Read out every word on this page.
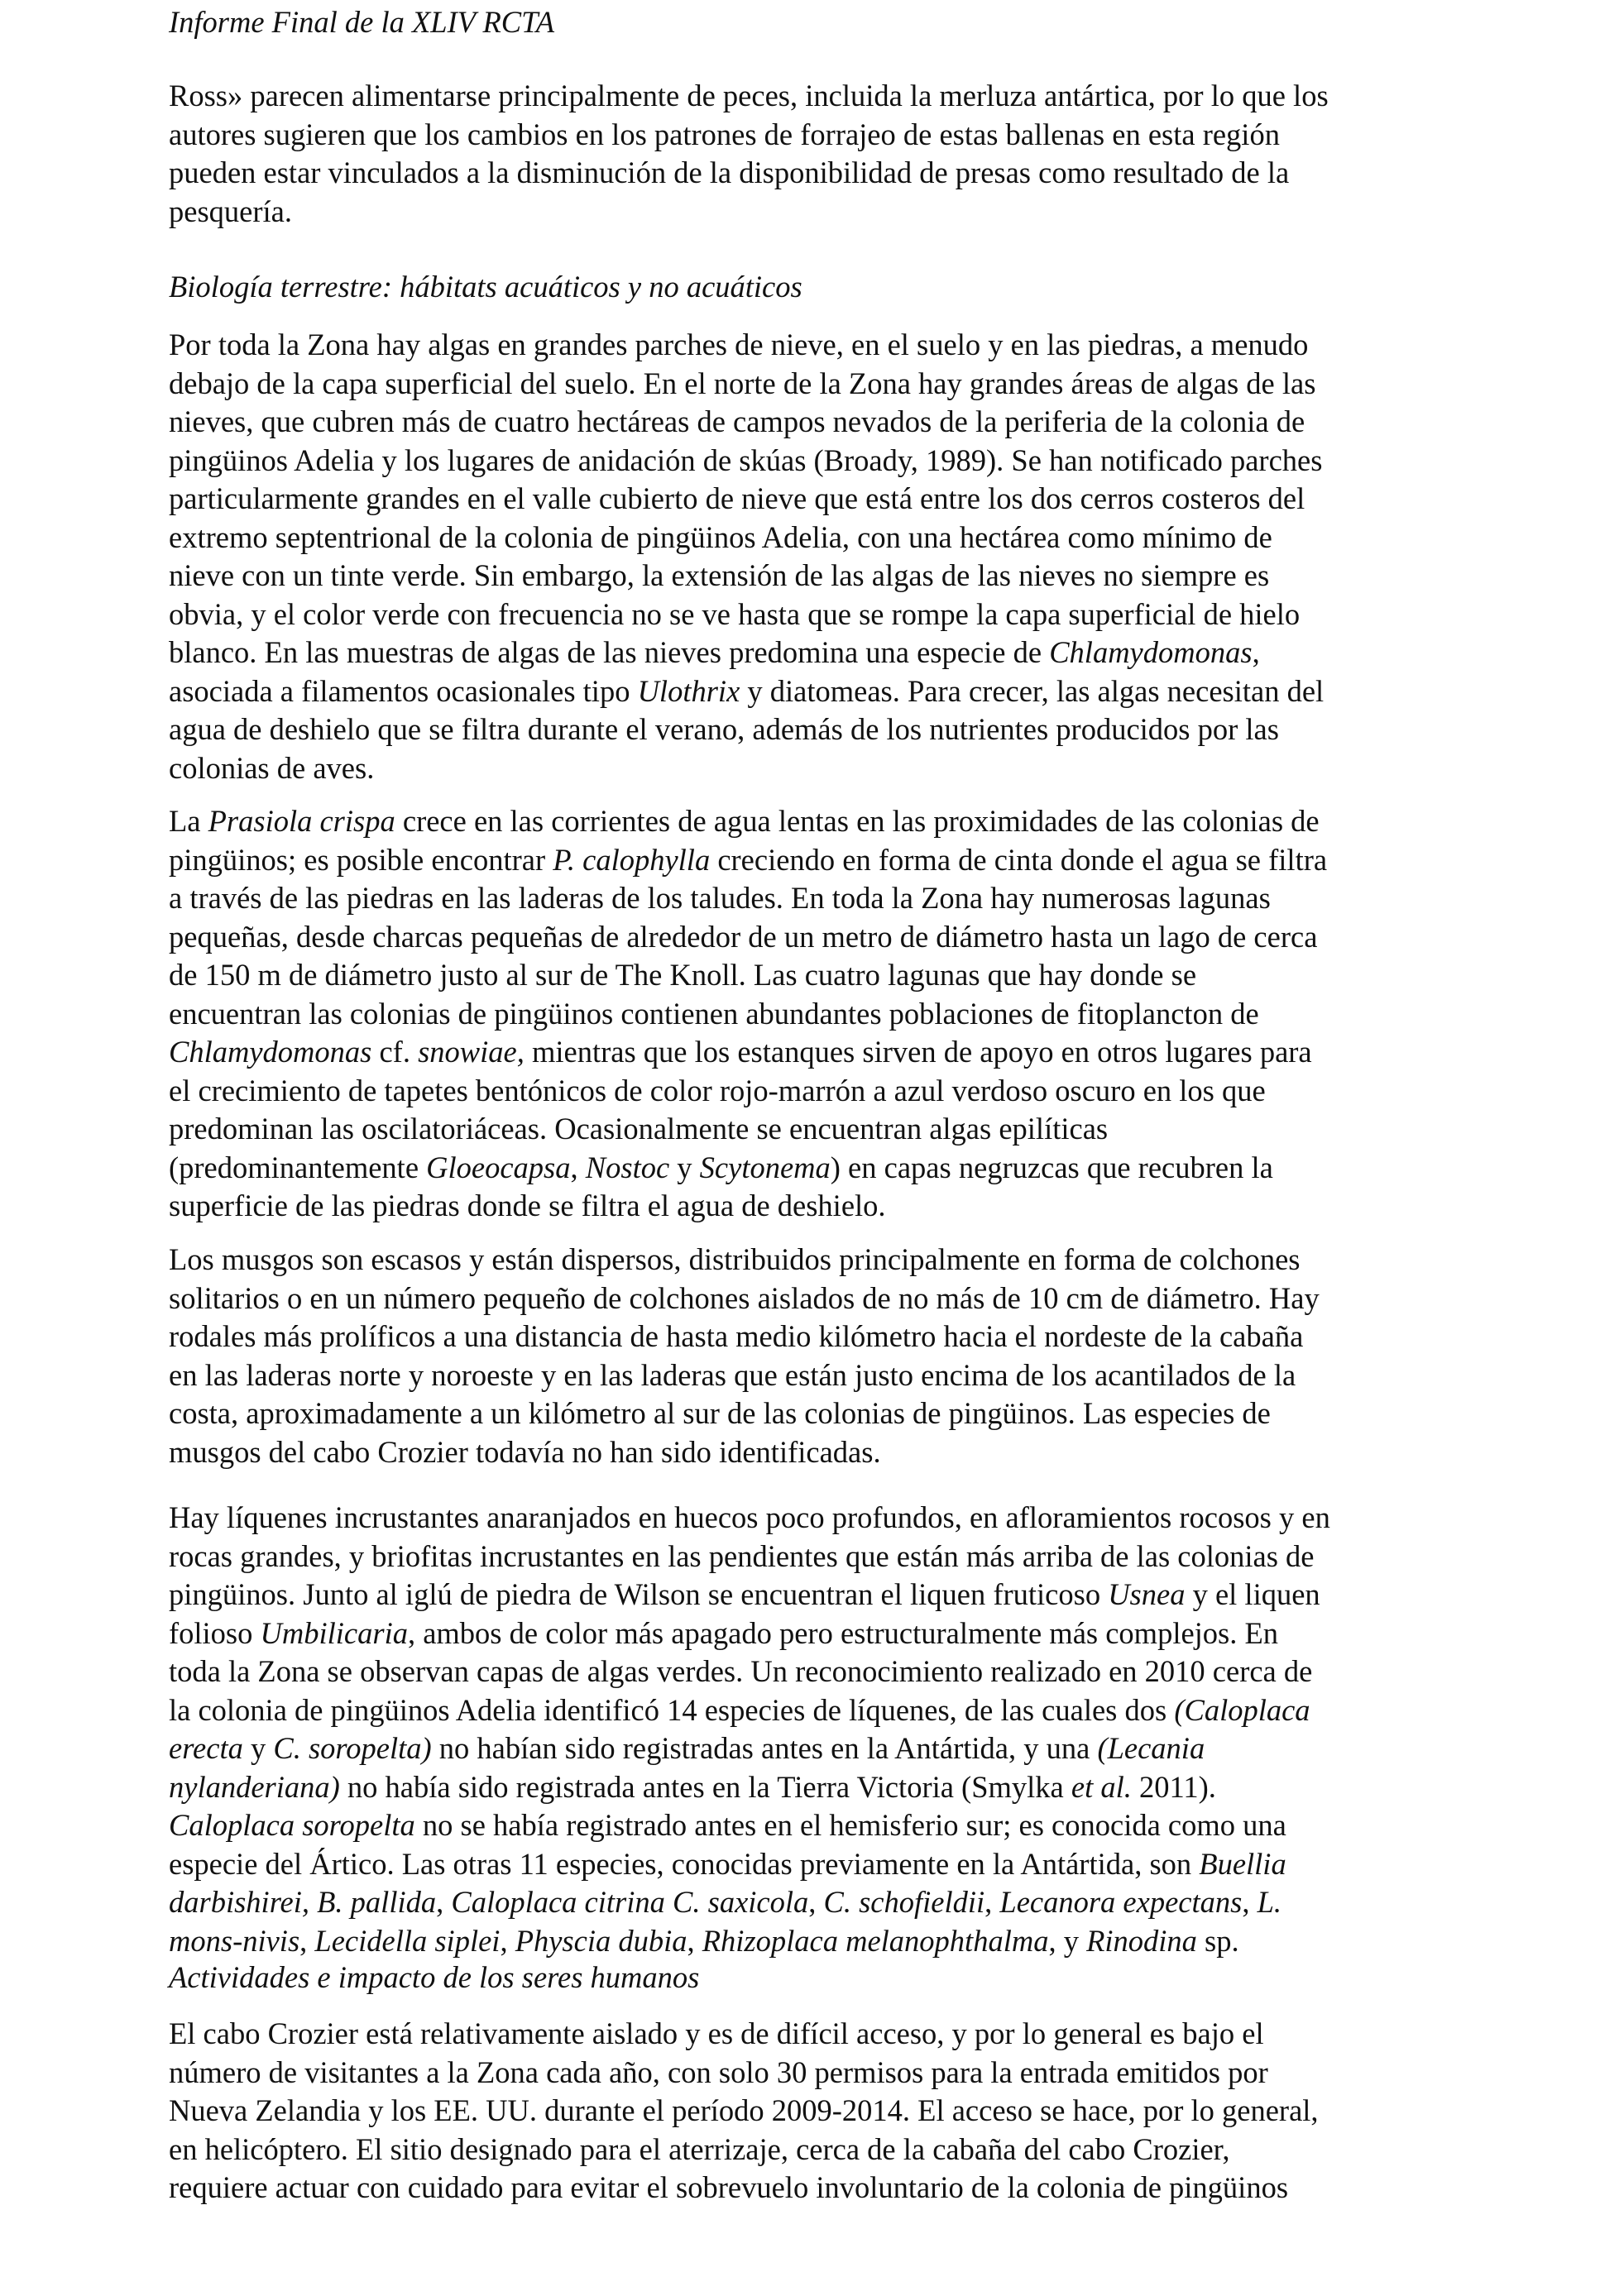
Informe Final de la XLIV RCTA
Ross» parecen alimentarse principalmente de peces, incluida la merluza antártica, por lo que los
autores sugieren que los cambios en los patrones de forrajeo de estas ballenas en esta región
pueden estar vinculados a la disminución de la disponibilidad de presas como resultado de la
pesquería.
Biología terrestre: hábitats acuáticos y no acuáticos
Por toda la Zona hay algas en grandes parches de nieve, en el suelo y en las piedras, a menudo
debajo de la capa superficial del suelo. En el norte de la Zona hay grandes áreas de algas de las
nieves, que cubren más de cuatro hectáreas de campos nevados de la periferia de la colonia de
pingüinos Adelia y los lugares de anidación de skúas (Broady, 1989). Se han notificado parches
particularmente grandes en el valle cubierto de nieve que está entre los dos cerros costeros del
extremo septentrional de la colonia de pingüinos Adelia, con una hectárea como mínimo de
nieve con un tinte verde. Sin embargo, la extensión de las algas de las nieves no siempre es
obvia, y el color verde con frecuencia no se ve hasta que se rompe la capa superficial de hielo
blanco. En las muestras de algas de las nieves predomina una especie de Chlamydomonas,
asociada a filamentos ocasionales tipo Ulothrix y diatomeas. Para crecer, las algas necesitan del
agua de deshielo que se filtra durante el verano, además de los nutrientes producidos por las
colonias de aves.
La Prasiola crispa crece en las corrientes de agua lentas en las proximidades de las colonias de
pingüinos; es posible encontrar P. calophylla creciendo en forma de cinta donde el agua se filtra
a través de las piedras en las laderas de los taludes. En toda la Zona hay numerosas lagunas
pequeñas, desde charcas pequeñas de alrededor de un metro de diámetro hasta un lago de cerca
de 150 m de diámetro justo al sur de The Knoll. Las cuatro lagunas que hay donde se
encuentran las colonias de pingüinos contienen abundantes poblaciones de fitoplancton de
Chlamydomonas cf. snowiae, mientras que los estanques sirven de apoyo en otros lugares para
el crecimiento de tapetes bentónicos de color rojo-marrón a azul verdoso oscuro en los que
predominan las oscilatoriáceas. Ocasionalmente se encuentran algas epilíticas
(predominantemente Gloeocapsa, Nostoc y Scytonema) en capas negruzcas que recubren la
superficie de las piedras donde se filtra el agua de deshielo.
Los musgos son escasos y están dispersos, distribuidos principalmente en forma de colchones
solitarios o en un número pequeño de colchones aislados de no más de 10 cm de diámetro. Hay
rodales más prolíficos a una distancia de hasta medio kilómetro hacia el nordeste de la cabaña
en las laderas norte y noroeste y en las laderas que están justo encima de los acantilados de la
costa, aproximadamente a un kilómetro al sur de las colonias de pingüinos. Las especies de
musgos del cabo Crozier todavía no han sido identificadas.
Hay líquenes incrustantes anaranjados en huecos poco profundos, en afloramientos rocosos y en
rocas grandes, y briofitas incrustantes en las pendientes que están más arriba de las colonias de
pingüinos. Junto al iglú de piedra de Wilson se encuentran el liquen fruticoso Usnea y el liquen
folioso Umbilicaria, ambos de color más apagado pero estructuralmente más complejos. En
toda la Zona se observan capas de algas verdes. Un reconocimiento realizado en 2010 cerca de
la colonia de pingüinos Adelia identificó 14 especies de líquenes, de las cuales dos (Caloplaca
erecta y C. soropelta) no habían sido registradas antes en la Antártida, y una (Lecania
nylanderiana) no había sido registrada antes en la Tierra Victoria (Smylka et al. 2011).
Caloplaca soropelta no se había registrado antes en el hemisferio sur; es conocida como una
especie del Ártico. Las otras 11 especies, conocidas previamente en la Antártida, son Buellia
darbishirei, B. pallida, Caloplaca citrina C. saxicola, C. schofieldii, Lecanora expectans, L.
mons-nivis, Lecidella siplei, Physcia dubia, Rhizoplaca melanophthalma, y Rinodina sp.
Actividades e impacto de los seres humanos
El cabo Crozier está relativamente aislado y es de difícil acceso, y por lo general es bajo el
número de visitantes a la Zona cada año, con solo 30 permisos para la entrada emitidos por
Nueva Zelandia y los EE. UU. durante el período 2009-2014. El acceso se hace, por lo general,
en helicóptero. El sitio designado para el aterrizaje, cerca de la cabaña del cabo Crozier,
requiere actuar con cuidado para evitar el sobrevuelo involuntario de la colonia de pingüinos
